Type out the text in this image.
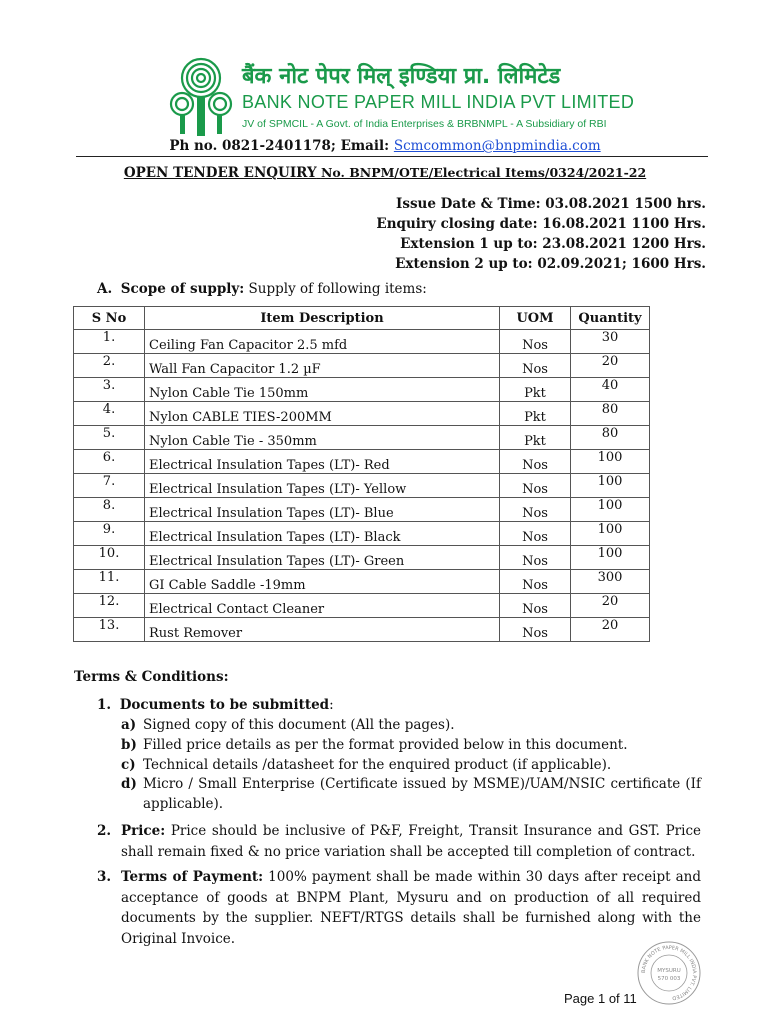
बैंक नोट पेपर मिल् इण्डिया प्रा. लिमिटेड
BANK NOTE PAPER MILL INDIA PVT LIMITED
JV of SPMCIL - A Govt. of India Enterprises & BRBNMPL - A Subsidiary of RBI
Ph no. 0821-2401178; Email: Scmcommon@bnpmindia.com
OPEN TENDER ENQUIRY No. BNPM/OTE/Electrical Items/0324/2021-22
Issue Date & Time: 03.08.2021 1500 hrs.
Enquiry closing date: 16.08.2021 1100 Hrs.
Extension 1 up to: 23.08.2021 1200 Hrs.
Extension 2 up to: 02.09.2021; 1600 Hrs.
A. Scope of supply: Supply of following items:
S No	Item Description	UOM	Quantity
1.	Ceiling Fan Capacitor 2.5 mfd	Nos	30
2.	Wall Fan Capacitor 1.2 µF	Nos	20
3.	Nylon Cable Tie 150mm	Pkt	40
4.	Nylon CABLE TIES-200MM	Pkt	80
5.	Nylon Cable Tie - 350mm	Pkt	80
6.	Electrical Insulation Tapes (LT)- Red	Nos	100
7.	Electrical Insulation Tapes (LT)- Yellow	Nos	100
8.	Electrical Insulation Tapes (LT)- Blue	Nos	100
9.	Electrical Insulation Tapes (LT)- Black	Nos	100
10.	Electrical Insulation Tapes (LT)- Green	Nos	100
11.	GI Cable Saddle -19mm	Nos	300
12.	Electrical Contact Cleaner	Nos	20
13.	Rust Remover	Nos	20
Terms & Conditions:
1. Documents to be submitted:
a) Signed copy of this document (All the pages).
b) Filled price details as per the format provided below in this document.
c) Technical details /datasheet for the enquired product (if applicable).
d) Micro / Small Enterprise (Certificate issued by MSME)/UAM/NSIC certificate (If applicable).
2. Price: Price should be inclusive of P&F, Freight, Transit Insurance and GST. Price shall remain fixed & no price variation shall be accepted till completion of contract.
3. Terms of Payment: 100% payment shall be made within 30 days after receipt and acceptance of goods at BNPM Plant, Mysuru and on production of all required documents by the supplier. NEFT/RTGS details shall be furnished along with the Original Invoice.
BANK NOTE PAPER MILL INDIA PVT. LIMITED
MYSURU
570 003
Page 1 of 11
